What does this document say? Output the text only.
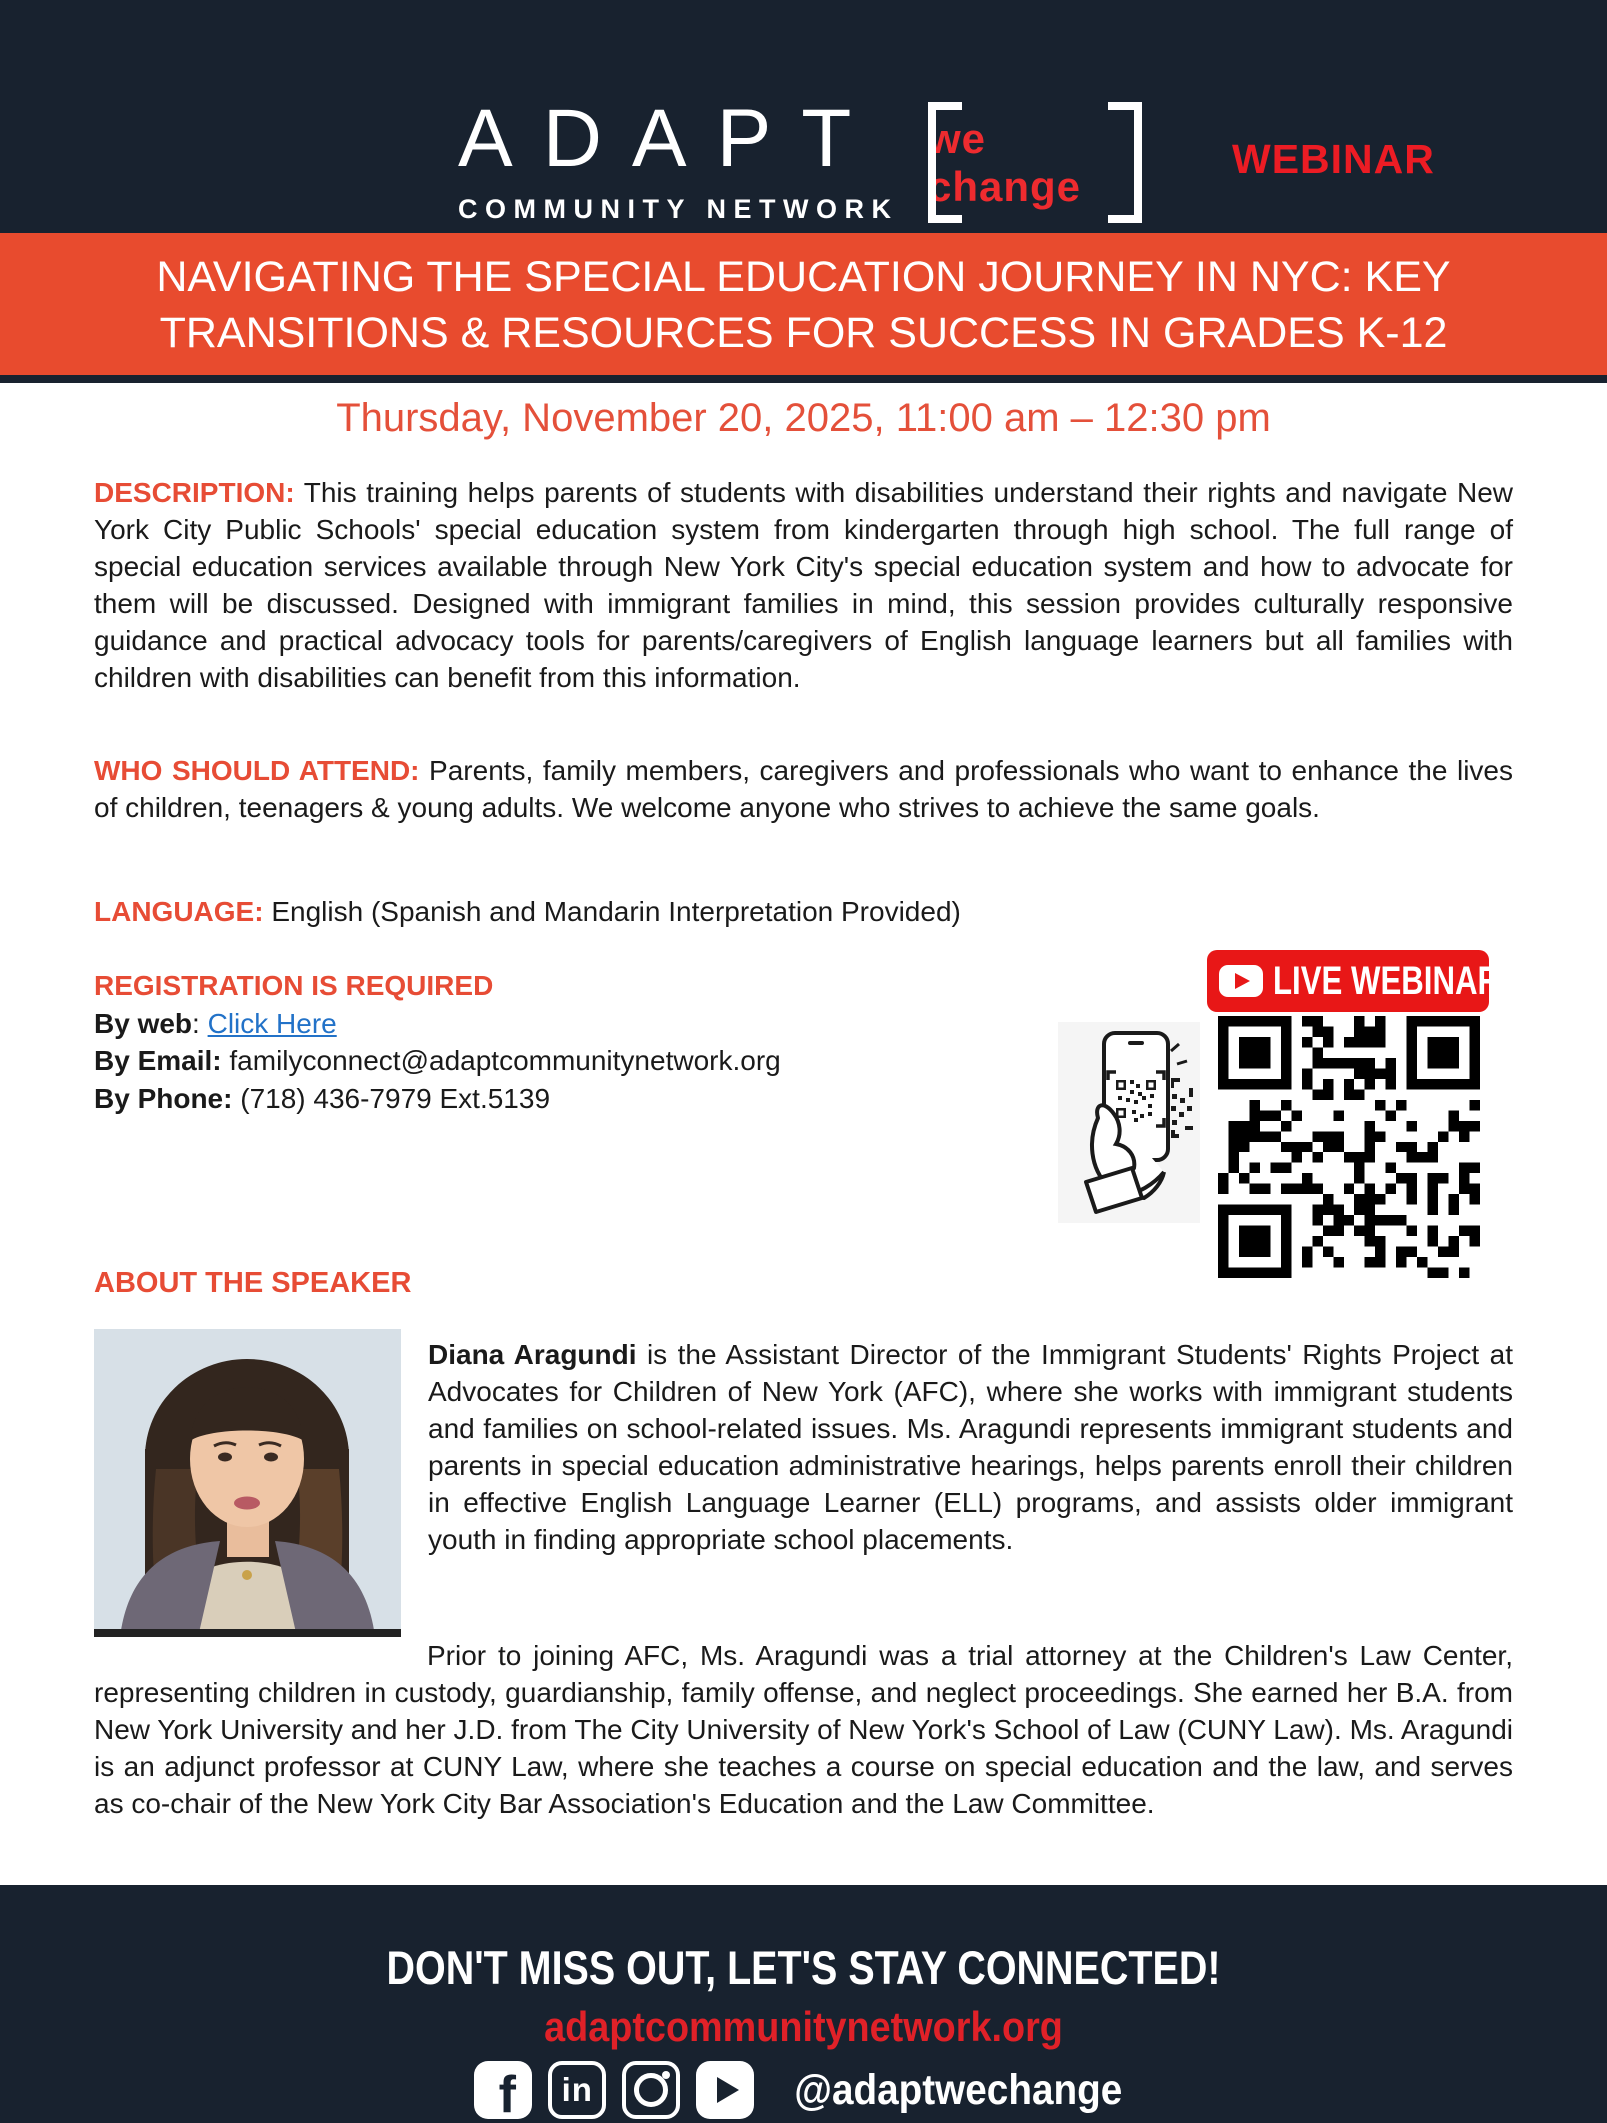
ADAPT
COMMUNITY NETWORK
we change
WEBINAR
NAVIGATING THE SPECIAL EDUCATION JOURNEY IN NYC: KEY
TRANSITIONS & RESOURCES FOR SUCCESS IN GRADES K-12
Thursday, November 20, 2025, 11:00 am – 12:30 pm

DESCRIPTION: This training helps parents of students with disabilities understand their rights and navigate New York City Public Schools' special education system from kindergarten through high school. The full range of special education services available through New York City's special education system and how to advocate for them will be discussed. Designed with immigrant families in mind, this session provides culturally responsive guidance and practical advocacy tools for parents/caregivers of English language learners but all families with children with disabilities can benefit from this information.

WHO SHOULD ATTEND: Parents, family members, caregivers and professionals who want to enhance the lives of children, teenagers & young adults. We welcome anyone who strives to achieve the same goals.

LANGUAGE: English (Spanish and Mandarin Interpretation Provided)

REGISTRATION IS REQUIRED
By web: Click Here
By Email: familyconnect@adaptcommunitynetwork.org
By Phone: (718) 436-7979 Ext.5139
ABOUT THE SPEAKER

Diana Aragundi is the Assistant Director of the Immigrant Students' Rights Project at Advocates for Children of New York (AFC), where she works with immigrant students and families on school-related issues. Ms. Aragundi represents immigrant students and parents in special education administrative hearings, helps parents enroll their children in effective English Language Learner (ELL) programs, and assists older immigrant youth in finding appropriate school placements.

Prior to joining AFC, Ms. Aragundi was a trial attorney at the Children's Law Center, representing children in custody, guardianship, family offense, and neglect proceedings. She earned her B.A. from New York University and her J.D. from The City University of New York's School of Law (CUNY Law). Ms. Aragundi is an adjunct professor at CUNY Law, where she teaches a course on special education and the law, and serves as co-chair of the New York City Bar Association's Education and the Law Committee.

LIVE WEBINAR
DON'T MISS OUT, LET'S STAY CONNECTED!
adaptcommunitynetwork.org
f in	@adaptwechange
